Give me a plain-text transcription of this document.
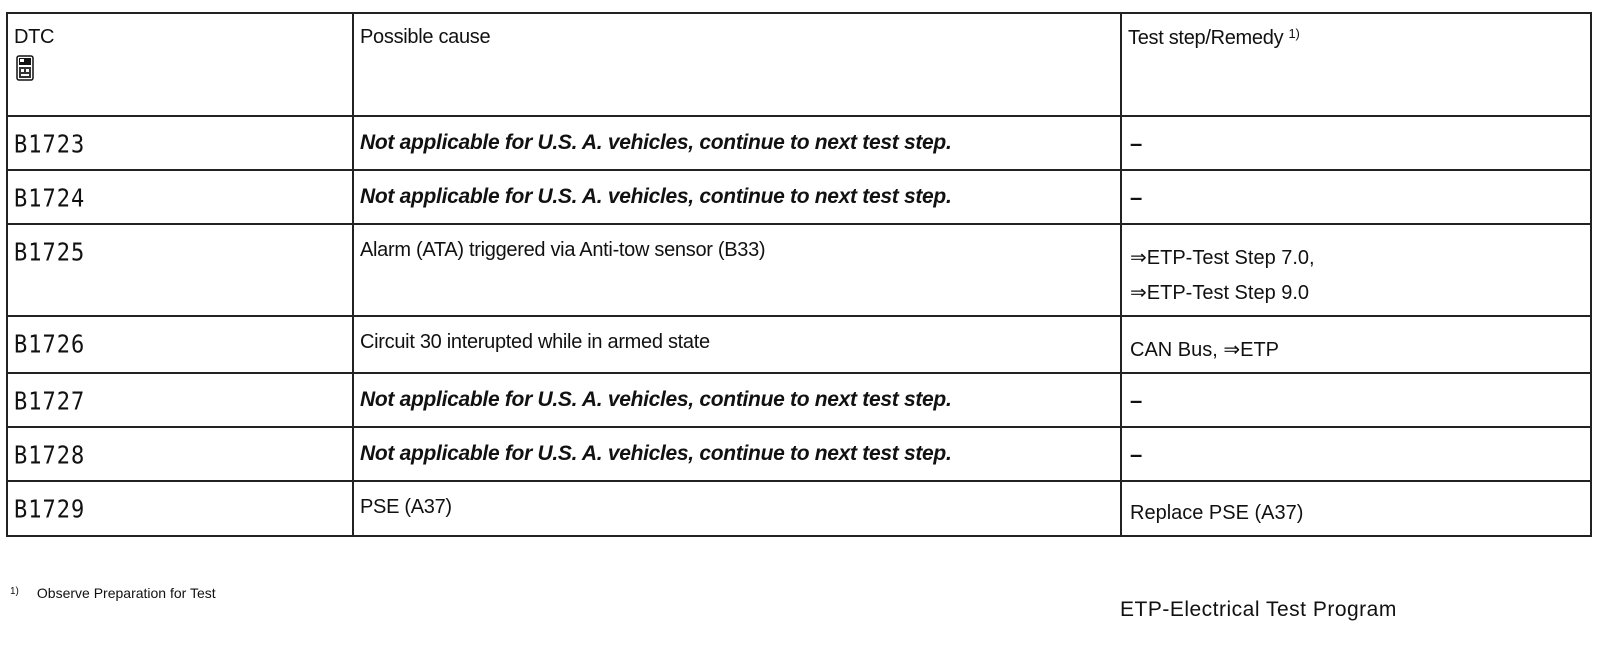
DTC	Possible cause	Test step/Remedy $^{1)}$

B1723	Not applicable for U.S. A. vehicles, continue to next test step.	–

B1724	Not applicable for U.S. A. vehicles, continue to next test step.	–

B1725	Alarm (ATA) triggered via Anti-tow sensor (B33)	⇒ETP-Test Step 7.0,
⇒ETP-Test Step 9.0

B1726	Circuit 30 interupted while in armed state	CAN Bus, ⇒ETP

B1727	Not applicable for U.S. A. vehicles, continue to next test step.	–

B1728	Not applicable for U.S. A. vehicles, continue to next test step.	–

B1729	PSE (A37)	Replace PSE (A37)
$^{1)}$ Observe Preparation for Test
ETP-Electrical Test Program
